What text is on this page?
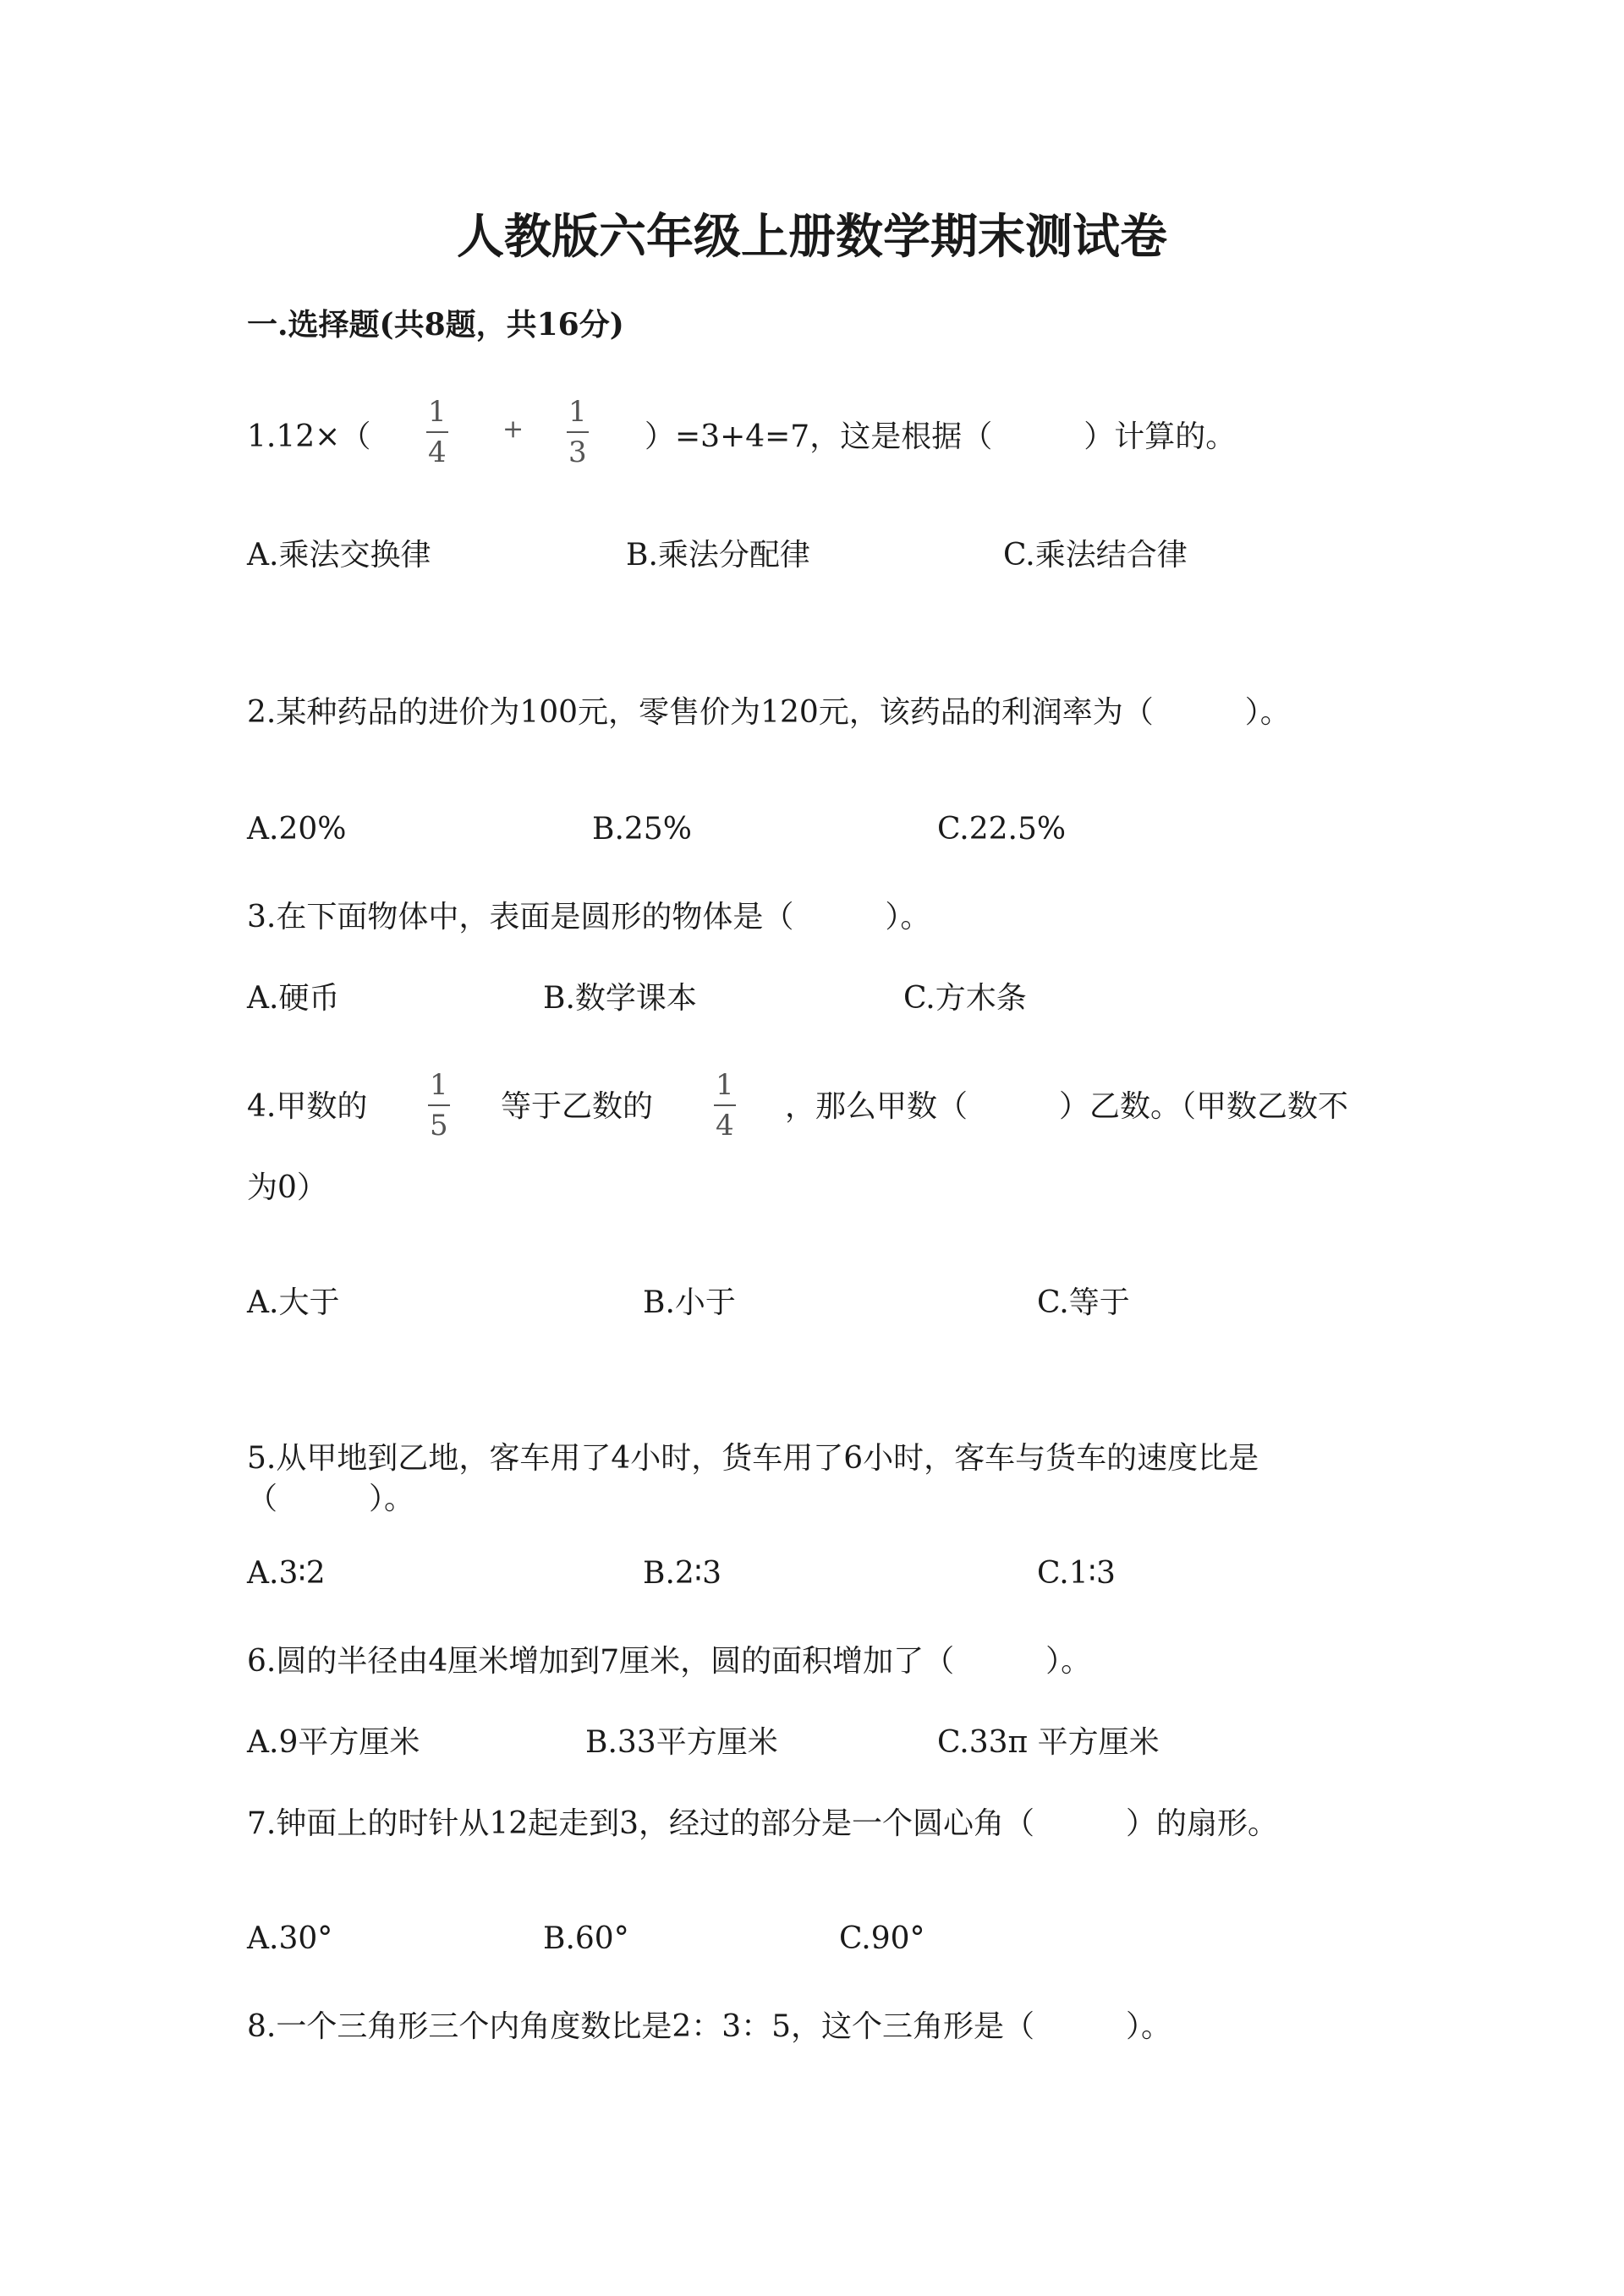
人教版六年级上册数学期末测试卷
一.选择题(共8题，共16分)
1.12×（
1
4
+
1
3 ）=3+4=7，这是根据（　　　）计算的。
A.乘法交换律	B.乘法分配律	C.乘法结合律
2.某种药品的进价为100元，零售价为120元，该药品的利润率为（　　　）。
A.20%	B.25%	C.22.5%
3.在下面物体中，表面是圆形的物体是（　　　）。
A.硬币	B.数学课本	C.方木条
4.甲数的
1
5
等于乙数的
1
4
，那么甲数（　　　）乙数。（甲数乙数不
为0）
A.大于	B.小于	C.等于
5.从甲地到乙地，客车用了4小时，货车用了6小时，客车与货车的速度比是
（　　　）。
A.3∶2	B.2∶3	C.1∶3
6.圆的半径由4厘米增加到7厘米，圆的面积增加了（　　　）。
A.9平方厘米	B.33平方厘米	C.33π 平方厘米
7.钟面上的时针从12起走到3，经过的部分是一个圆心角（　　　）的扇形。
A.30°	B.60°	C.90°
8.一个三角形三个内角度数比是2：3：5，这个三角形是（　　　）。
